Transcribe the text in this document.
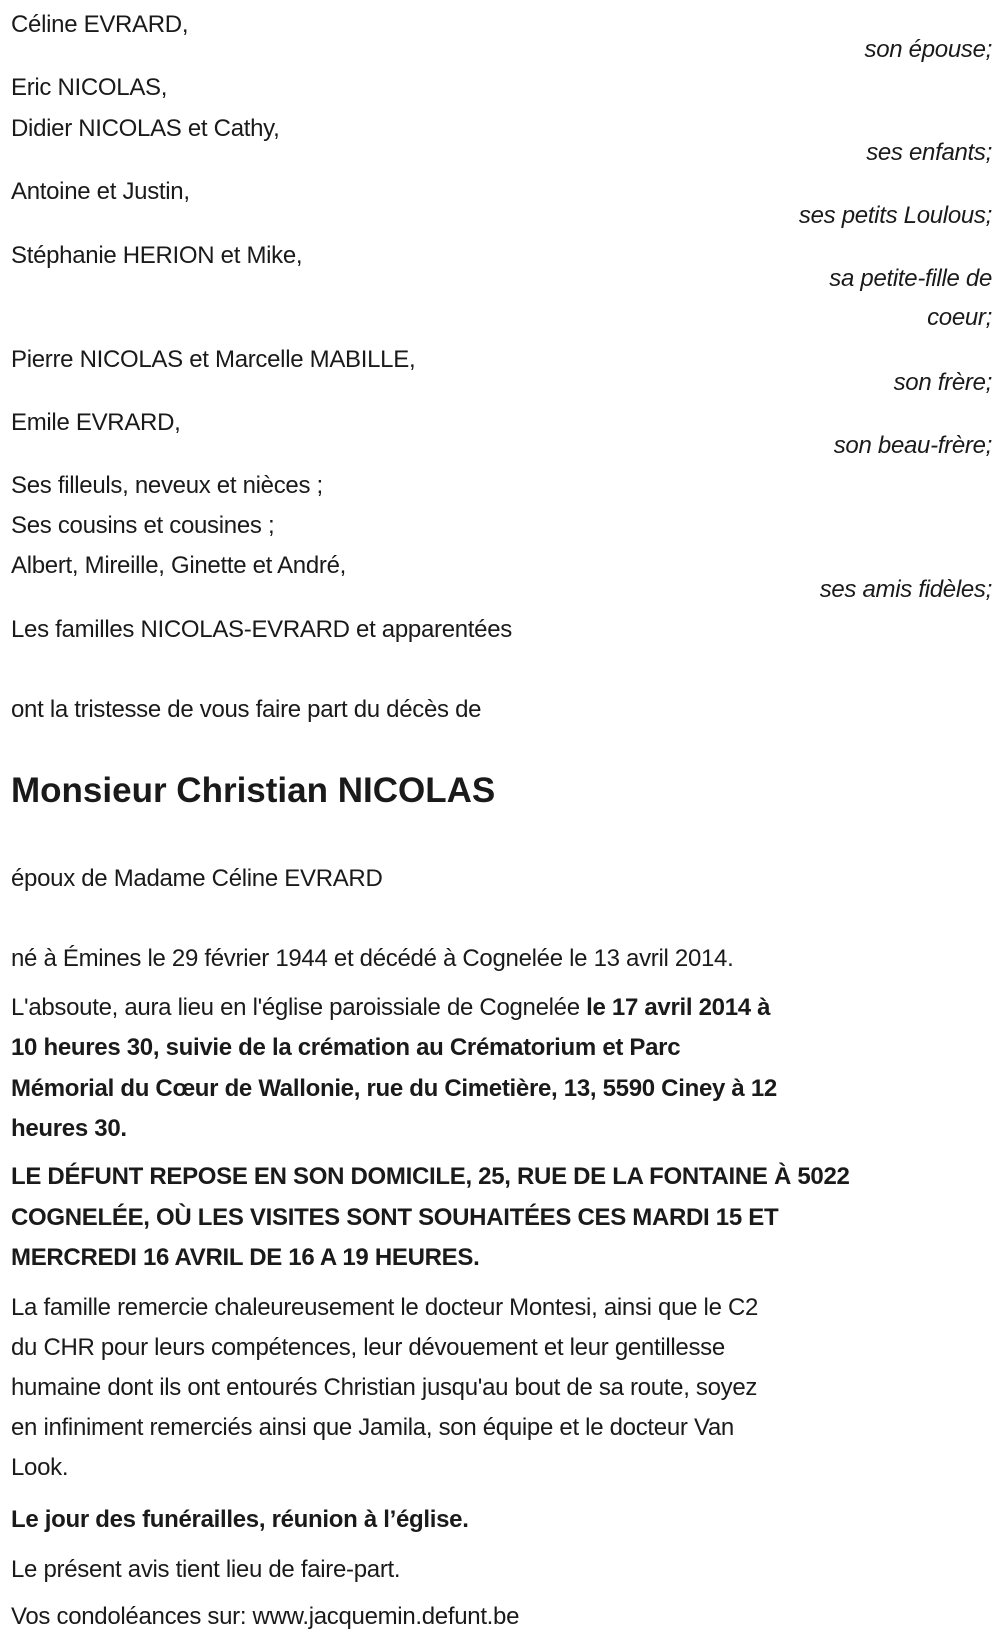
Céline EVRARD,
son épouse;
Eric NICOLAS,
Didier NICOLAS et Cathy,
ses enfants;
Antoine et Justin,
ses petits Loulous;
Stéphanie HERION et Mike,
sa petite-fille de
coeur;
Pierre NICOLAS et Marcelle MABILLE,
son frère;
Emile EVRARD,
son beau-frère;
Ses filleuls, neveux et nièces ;
Ses cousins et cousines ;
Albert, Mireille, Ginette et André,
ses amis fidèles;
Les familles NICOLAS-EVRARD et apparentées
ont la tristesse de vous faire part du décès de
Monsieur Christian NICOLAS
époux de Madame Céline EVRARD
né à Émines le 29 février 1944 et décédé à Cognelée le 13 avril 2014.
L'absoute, aura lieu en l'église paroissiale de Cognelée le 17 avril 2014 à
10 heures 30, suivie de la crémation au Crématorium et Parc
Mémorial du Cœur de Wallonie, rue du Cimetière, 13, 5590 Ciney à 12
heures 30.
LE DÉFUNT REPOSE EN SON DOMICILE, 25, RUE DE LA FONTAINE À 5022
COGNELÉE, OÙ LES VISITES SONT SOUHAITÉES CES MARDI 15 ET
MERCREDI 16 AVRIL DE 16 A 19 HEURES.
La famille remercie chaleureusement le docteur Montesi, ainsi que le C2
du CHR pour leurs compétences, leur dévouement et leur gentillesse
humaine dont ils ont entourés Christian jusqu'au bout de sa route, soyez
en infiniment remerciés ainsi que Jamila, son équipe et le docteur Van
Look.
Le jour des funérailles, réunion à l’église.
Le présent avis tient lieu de faire-part.
Vos condoléances sur: www.jacquemin.defunt.be
